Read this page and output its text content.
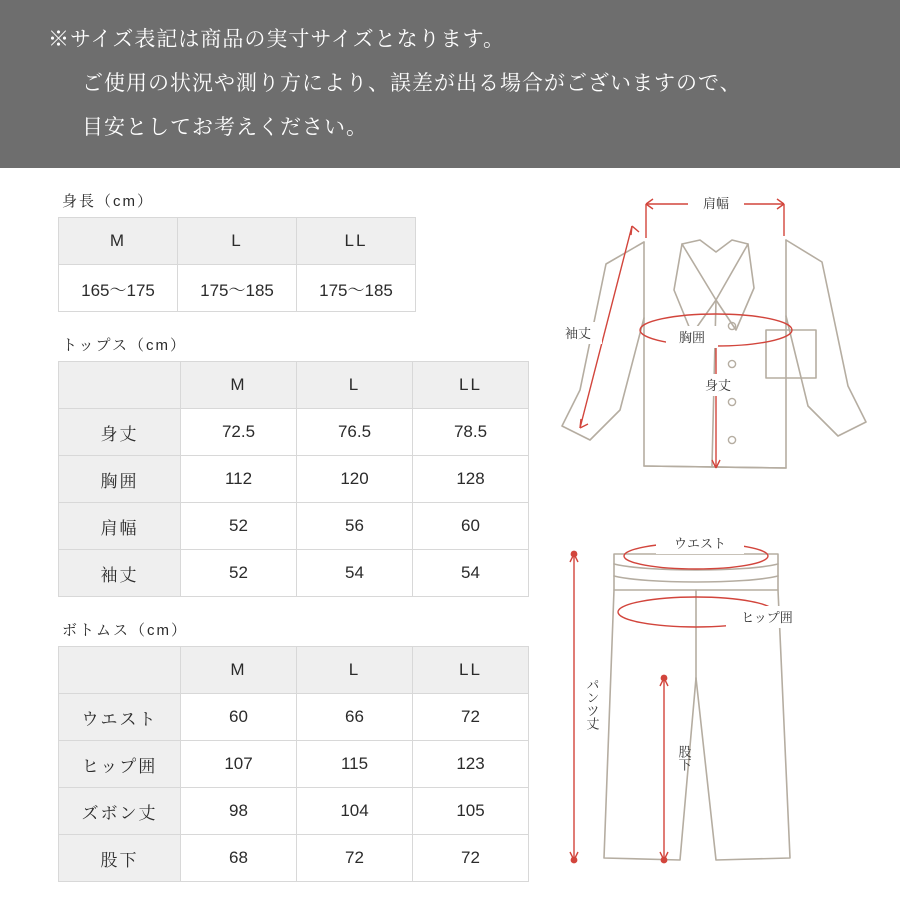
※サイズ表記は商品の実寸サイズとなります。
ご使用の状況や測り方により、誤差が出る場合がございますので、
目安としてお考えください。
身長（cm）
M	L	LL
165〜175	175〜185	175〜185
トップス（cm）
	M	L	LL
身丈	72.5	76.5	78.5
胸囲	112	120	128
肩幅	52	56	60
袖丈	52	54	54
ボトムス（cm）
	M	L	LL
ウエスト	60	66	72
ヒップ囲	107	115	123
ズボン丈	98	104	105
股下	68	72	72
肩幅
袖丈	胸囲
身丈
ウエスト
ヒップ囲
パンツ丈
股下
